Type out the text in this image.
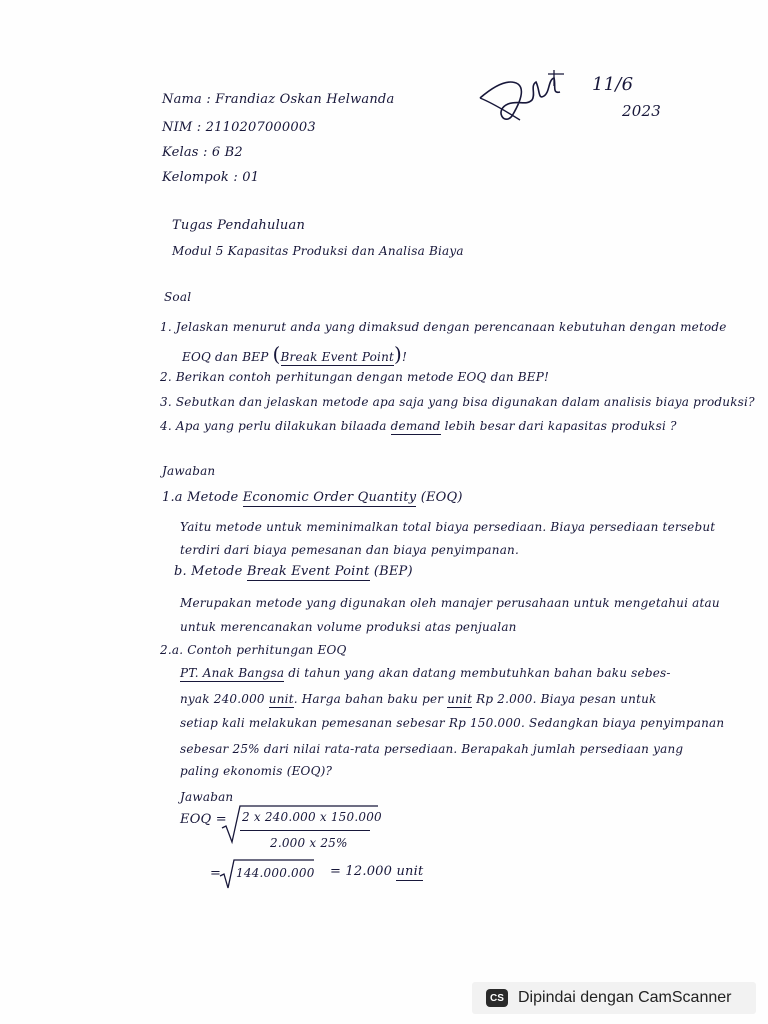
Nama : Frandiaz Oskan Helwanda
NIM : 2110207000003
Kelas : 6 B2
Kelompok : 01
11/6
2023
Tugas Pendahuluan
Modul 5 Kapasitas Produksi dan Analisa Biaya
Soal
1. Jelaskan menurut anda yang dimaksud dengan perencanaan kebutuhan dengan metode
EOQ dan BEP (Break Event Point)!
2. Berikan contoh perhitungan dengan metode EOQ dan BEP!
3. Sebutkan dan jelaskan metode apa saja yang bisa digunakan dalam analisis biaya produksi?
4. Apa yang perlu dilakukan bilaada demand lebih besar dari kapasitas produksi ?
Jawaban
1.a Metode Economic Order Quantity (EOQ)
Yaitu metode untuk meminimalkan total biaya persediaan. Biaya persediaan tersebut
terdiri dari biaya pemesanan dan biaya penyimpanan.
b. Metode Break Event Point (BEP)
Merupakan metode yang digunakan oleh manajer perusahaan untuk mengetahui atau
untuk merencanakan volume produksi atas penjualan
2.a. Contoh perhitungan EOQ
PT. Anak Bangsa di tahun yang akan datang membutuhkan bahan baku sebes-
nyak 240.000 unit. Harga bahan baku per unit Rp 2.000. Biaya pesan untuk
setiap kali melakukan pemesanan sebesar Rp 150.000. Sedangkan biaya penyimpanan
sebesar 25% dari nilai rata-rata persediaan. Berapakah jumlah persediaan yang
paling ekonomis (EOQ)?
Jawaban
EOQ = 2 x 240.000 x 150.000
2.000 x 25%
= 144.000.000 = 12.000 unit
CS Dipindai dengan CamScanner
